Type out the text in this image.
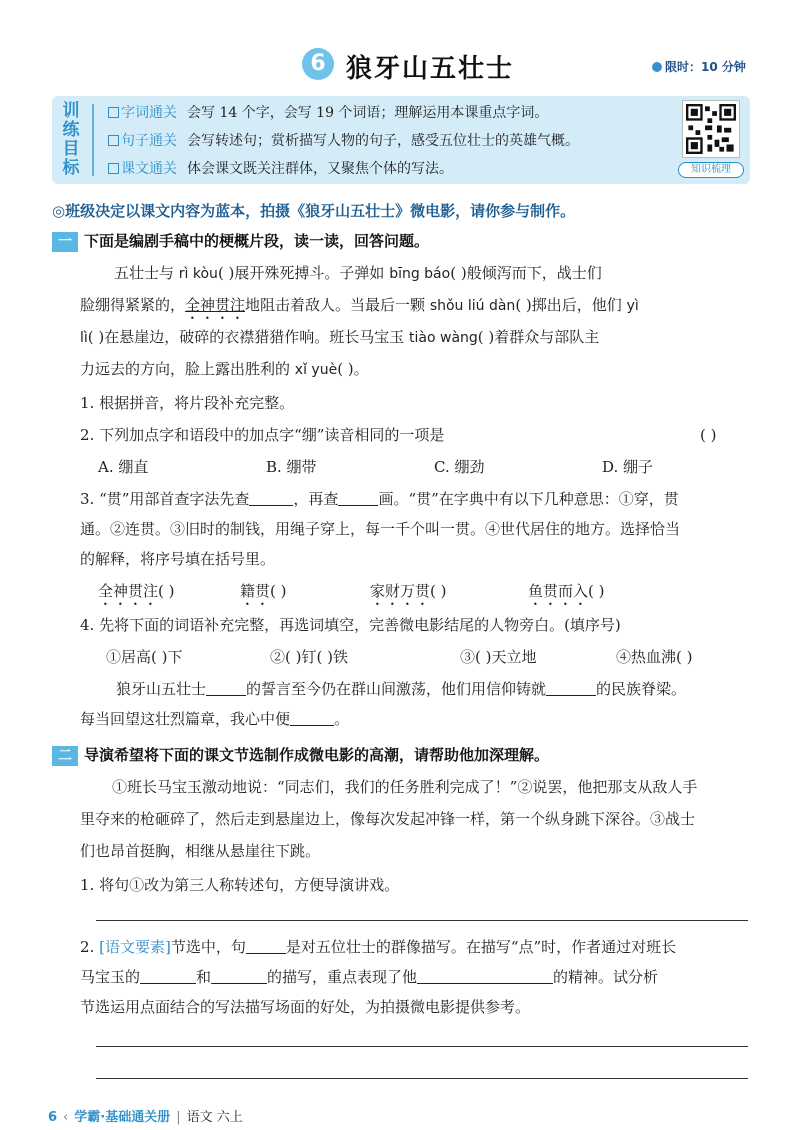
6 狼牙山五壮士	限时：10 分钟
训练目标
字词通关 会写 14 个字，会写 19 个词语；理解运用本课重点字词。
句子通关 会写转述句；赏析描写人物的句子，感受五位壮士的英雄气概。
课文通关 体会课文既关注群体，又聚焦个体的写法。	知识梳理
◎班级决定以课文内容为蓝本，拍摄《狼牙山五壮士》微电影，请你参与制作。
一 下面是编剧手稿中的梗概片段，读一读，回答问题。
五壮士与 rì kòu( )展开殊死搏斗。子弹如 bīng báo( )般倾泻而下，战士们
脸绷得紧紧的，全神贯注地阻击着敌人。当最后一颗 shǒu liú dàn( )掷出后，他们 yì
lì( )在悬崖边，破碎的衣襟猎猎作响。班长马宝玉 tiào wàng( )着群众与部队主
力远去的方向，脸上露出胜利的 xǐ yuè( )。
1. 根据拼音，将片段补充完整。
2. 下列加点字和语段中的加点字“绷”读音相同的一项是	( )
A. 绷直	B. 绷带	C. 绷劲	D. 绷子
3. “贯”用部首查字法先查	，再查	画。“贯”在字典中有以下几种意思：①穿，贯
通。②连贯。③旧时的制钱，用绳子穿上，每一千个叫一贯。④世代居住的地方。选择恰当
的解释，将序号填在括号里。
全神贯注( )	籍贯( )	家财万贯( )	鱼贯而入( )
4. 先将下面的词语补充完整，再选词填空，完善微电影结尾的人物旁白。(填序号)
①居高( )下	②( )钉( )铁	③( )天立地	④热血沸( )
狼牙山五壮士	的誓言至今仍在群山间激荡，他们用信仰铸就	的民族脊梁。
每当回望这壮烈篇章，我心中便	。
二 导演希望将下面的课文节选制作成微电影的高潮，请帮助他加深理解。
①班长马宝玉激动地说：“同志们，我们的任务胜利完成了！”②说罢，他把那支从敌人手
里夺来的枪砸碎了，然后走到悬崖边上，像每次发起冲锋一样，第一个纵身跳下深谷。③战士
们也昂首挺胸，相继从悬崖往下跳。
1. 将句①改为第三人称转述句，方便导演讲戏。
2. [语文要素]节选中，句	是对五位壮士的群像描写。在描写“点”时，作者通过对班长
马宝玉的	和	的描写，重点表现了他	的精神。试分析
节选运用点面结合的写法描写场面的好处，为拍摄微电影提供参考。
6 ‹ 学霸·基础通关册 | 语文 六上
